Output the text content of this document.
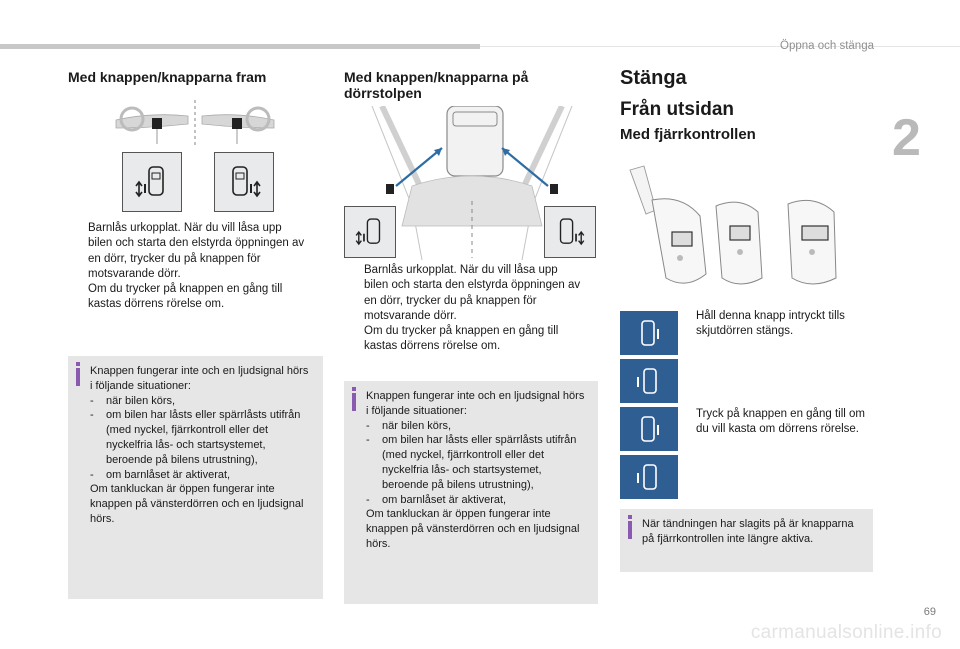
Öppna och stänga
2
Med knappen/knapparna fram
Barnlås urkopplat. När du vill låsa upp bilen och starta den elstyrda öppningen av en dörr, trycker du på knappen för motsvarande dörr.
Om du trycker på knappen en gång till kastas dörrens rörelse om.
Knappen fungerar inte och en ljudsignal hörs i följande situationer:
- när bilen körs,
- om bilen har låsts eller spärrlåsts utifrån (med nyckel, fjärrkontroll eller det nyckelfria lås- och startsystemet, beroende på bilens utrustning),
- om barnlåset är aktiverat,
Om tankluckan är öppen fungerar inte knappen på vänsterdörren och en ljudsignal hörs.
Med knappen/knapparna på
dörrstolpen
Barnlås urkopplat. När du vill låsa upp bilen och starta den elstyrda öppningen av en dörr, trycker du på knappen för motsvarande dörr.
Om du trycker på knappen en gång till kastas dörrens rörelse om.
Knappen fungerar inte och en ljudsignal hörs i följande situationer:
- när bilen körs,
- om bilen har låsts eller spärrlåsts utifrån (med nyckel, fjärrkontroll eller det nyckelfria lås- och startsystemet, beroende på bilens utrustning),
- om barnlåset är aktiverat,
Om tankluckan är öppen fungerar inte knappen på vänsterdörren och en ljudsignal hörs.
Stänga
Från utsidan
Med fjärrkontrollen
Håll denna knapp intryckt tills skjutdörren stängs.
Tryck på knappen en gång till om du vill kasta om dörrens rörelse.
När tändningen har slagits på är knapparna på fjärrkontrollen inte längre aktiva.
69
carmanualsonline.info
